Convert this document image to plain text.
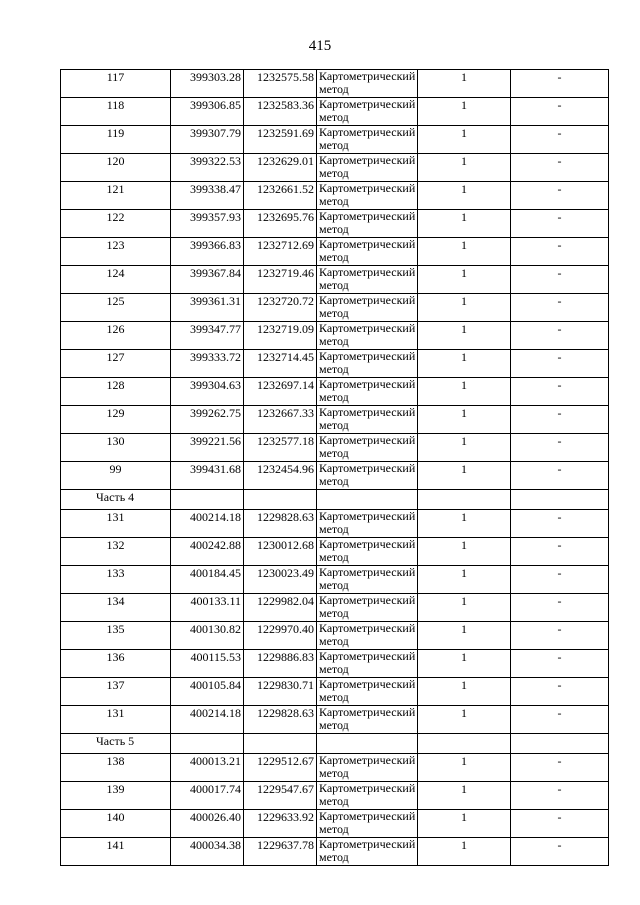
415
117	399303.28	1232575.58	Картометрический метод	1	-
118	399306.85	1232583.36	Картометрический метод	1	-
119	399307.79	1232591.69	Картометрический метод	1	-
120	399322.53	1232629.01	Картометрический метод	1	-
121	399338.47	1232661.52	Картометрический метод	1	-
122	399357.93	1232695.76	Картометрический метод	1	-
123	399366.83	1232712.69	Картометрический метод	1	-
124	399367.84	1232719.46	Картометрический метод	1	-
125	399361.31	1232720.72	Картометрический метод	1	-
126	399347.77	1232719.09	Картометрический метод	1	-
127	399333.72	1232714.45	Картометрический метод	1	-
128	399304.63	1232697.14	Картометрический метод	1	-
129	399262.75	1232667.33	Картометрический метод	1	-
130	399221.56	1232577.18	Картометрический метод	1	-
99	399431.68	1232454.96	Картометрический метод	1	-
Часть 4					
131	400214.18	1229828.63	Картометрический метод	1	-
132	400242.88	1230012.68	Картометрический метод	1	-
133	400184.45	1230023.49	Картометрический метод	1	-
134	400133.11	1229982.04	Картометрический метод	1	-
135	400130.82	1229970.40	Картометрический метод	1	-
136	400115.53	1229886.83	Картометрический метод	1	-
137	400105.84	1229830.71	Картометрический метод	1	-
131	400214.18	1229828.63	Картометрический метод	1	-
Часть 5					
138	400013.21	1229512.67	Картометрический метод	1	-
139	400017.74	1229547.67	Картометрический метод	1	-
140	400026.40	1229633.92	Картометрический метод	1	-
141	400034.38	1229637.78	Картометрический метод	1	-
